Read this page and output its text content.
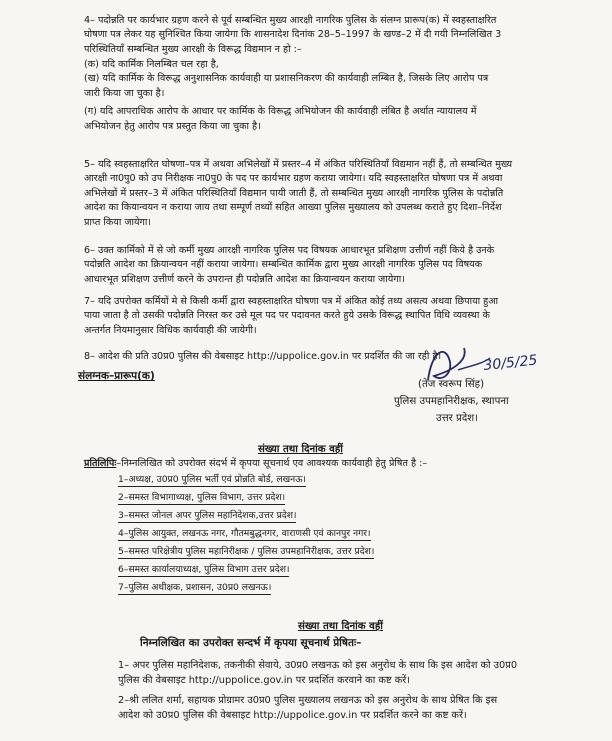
4– पदोन्नति पर कार्यभार ग्रहण करने से पूर्व सम्बन्धित मुख्य आरक्षी नागरिक पुलिस के संलग्न प्रारूप(क) में स्वहस्ताक्षरित
घोषणा पत्र लेकर यह सुनिश्चित किया जायेगा कि शासनादेश दिनांक 28–5–1997 के खण्ड–2 में दी गयी निम्नलिखित 3
परिस्थितियाँ सम्बन्धित मुख्य आरक्षी के विरूद्ध विद्यमान न हो :–
(क) यदि कार्मिक निलम्बित चल रहा है,
(ख) यदि कार्मिक के विरूद्ध अनुशासनिक कार्यवाही या प्रशासनिकरण की कार्यवाही लम्बित है, जिसके लिए आरोप पत्र
जारी किया जा चुका है।
(ग) यदि आपराधिक आरोप के आधार पर कार्मिक के विरूद्ध अभियोजन की कार्यवाही लंबित है अर्थात न्यायालय में
अभियोजन हेतु आरोप पत्र प्रस्तुत किया जा चुका है।
5– यदि स्वहस्ताक्षरित घोषणा–पत्र में अथवा अभिलेखों में प्रस्तर–4 में अंकित परिस्थितियाँ विद्यमान नहीं हैं, तो सम्बन्धित मुख्य
आरक्षी ना0पु0 को उप निरीक्षक ना0पु0 के पद पर कार्यभार ग्रहण कराया जायेगा। यदि स्वहस्ताक्षरित घोषणा पत्र में अथवा
अभिलेखों में प्रस्तर–3 में अंकित परिस्थितियाँ विद्यमान पायी जाती हैं, तो सम्बन्धित मुख्य आरक्षी नागरिक पुलिस के पदोन्नति
आदेश का कियान्वयन न कराया जाय तथा सम्पूर्ण तथ्यों सहित आख्या पुलिस मुख्यालय को उपलब्ध कराते हुए दिशा–निर्देश
प्राप्त किया जायेगा।
6– उक्त कार्मिको में से जो कर्मी मुख्य आरक्षी नागरिक पुलिस पद विषयक आधारभूत प्रशिक्षण उत्तीर्ण नहीं किये है उनके
पदोन्नति आदेश का क्रियान्वयन नहीं कराया जायेगा। सम्बन्धित कार्मिक द्वारा मुख्य आरक्षी नागरिक पुलिस पद विषयक
आधारभूत प्रशिक्षण उत्तीर्ण करने के उपरान्त ही पदोन्नति आदेश का क्रियान्वयन कराया जायेगा।
7– यदि उपरोक्त कर्मियों मे से किसी कर्मी द्वारा स्वहस्ताक्षरित घोषणा पत्र में अंकित कोई तथ्य असत्य अथवा छिपाया हुआ
पाया जाता है तो उसकी पदोन्नति निरस्त कर उसे मूल पद पर पदावनत करते हुये उसके विरूद्ध स्थापित विधि व्यवस्था के
अन्तर्गत नियमानुसार विधिक कार्यवाही की जायेगी।
8– आदेश की प्रति उ0प्र0 पुलिस की वेबसाइट http://uppolice.gov.in पर प्रदर्शित की जा रही है।
संलग्नक–प्रारूप(क)
30/5/25
(तेज स्वरूप सिंह)
पुलिस उपमहानिरीक्षक, स्थापना
उत्तर प्रदेश।
संख्या तथा दिनांक वहीं
प्रतिलिपिः–निम्नलिखित को उपरोक्त संदर्भ में कृपया सूचनार्थ एव आवश्यक कार्यवाही हेतु प्रेषित है :–
1–अध्यक्ष, उ0प्र0 पुलिस भर्ती एवं प्रोन्नति बोर्ड, लखनऊ।
2–समस्त विभागाध्यक्ष, पुलिस विभाग, उत्तर प्रदेश।
3–समस्त जोनल अपर पुलिस महानिदेशक,उत्तर प्रदेश।
4–पुलिस आयुक्त, लखनऊ नगर, गौतमबुद्धनगर, वाराणसी एवं कानपुर नगर।
5–समस्त परिक्षेत्रीय पुलिस महानिरीक्षक / पुलिस उपमहानिरीक्षक, उत्तर प्रदेश।
6–समस्त कार्यालयाध्यक्ष, पुलिस विभाग उत्तर प्रदेश।
7–पुलिस अधीक्षक, प्रशासन, उ0प्र0 लखनऊ।
संख्या तथा दिनांक वहीं
निम्नलिखित का उपरोक्त सन्दर्भ में कृपया सूचनार्थ प्रेषितः–
1– अपर पुलिस महानिदेशक, तकनीकी सेवाये, उ0प्र0 लखनऊ को इस अनुरोध के साथ कि इस आदेश को उ0प्र0
पुलिस की वेबसाइट http://uppolice.gov.in पर प्रदर्शित करवाने का कष्ट करें।
2–श्री ललित शर्मा, सहायक प्रोग्रामर उ0प्र0 पुलिस मुख्यालय लखनऊ को इस अनुरोध के साथ प्रेषित कि इस
आदेश को उ0प्र0 पुलिस की वेबसाइट http://uppolice.gov.in पर प्रदर्शित करने का कष्ट करें।
